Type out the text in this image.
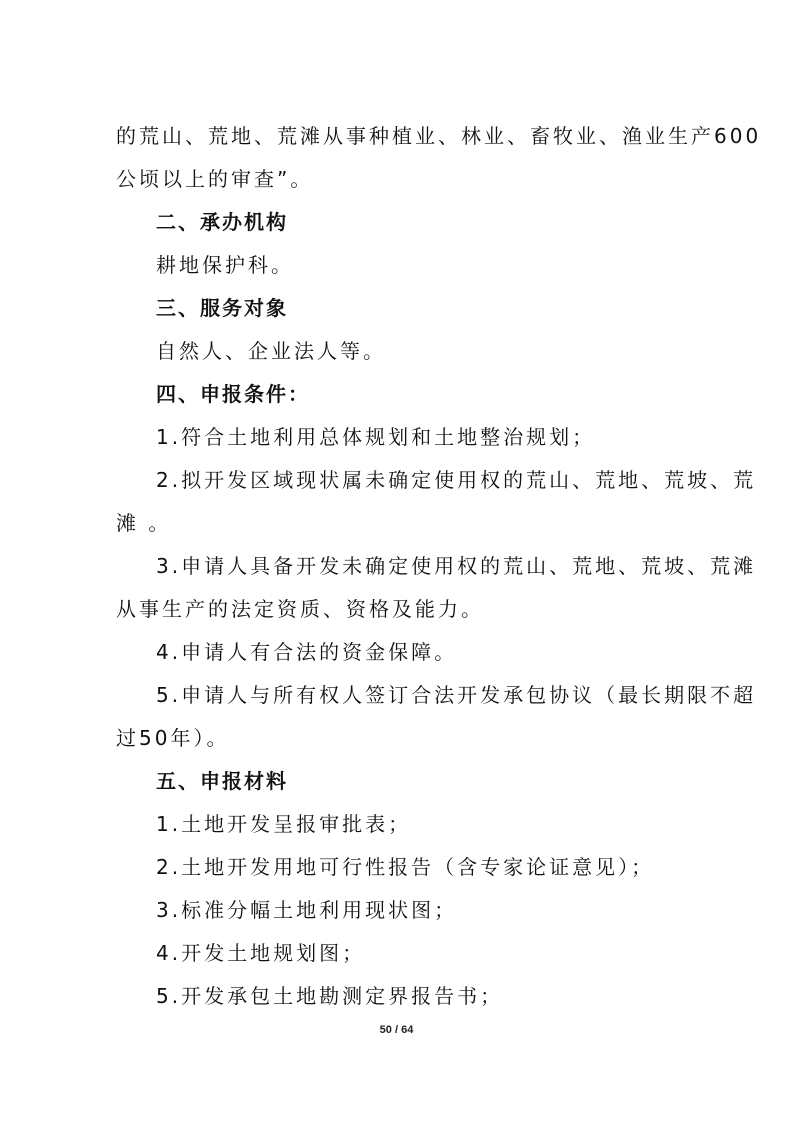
的荒山、荒地、荒滩从事种植业、林业、畜牧业、渔业生产600

公顷以上的审查”。

二、承办机构

耕地保护科。

三、服务对象

自然人、企业法人等。

四、申报条件：

1.符合土地利用总体规划和土地整治规划；

2.拟开发区域现状属未确定使用权的荒山、荒地、荒坡、荒

滩 。

3.申请人具备开发未确定使用权的荒山、荒地、荒坡、荒滩

从事生产的法定资质、资格及能力。

4.申请人有合法的资金保障。

5.申请人与所有权人签订合法开发承包协议（最长期限不超

过50年）。

五、申报材料

1.土地开发呈报审批表；

2.土地开发用地可行性报告（含专家论证意见）；

3.标准分幅土地利用现状图；

4.开发土地规划图；

5.开发承包土地勘测定界报告书；

50 / 64
